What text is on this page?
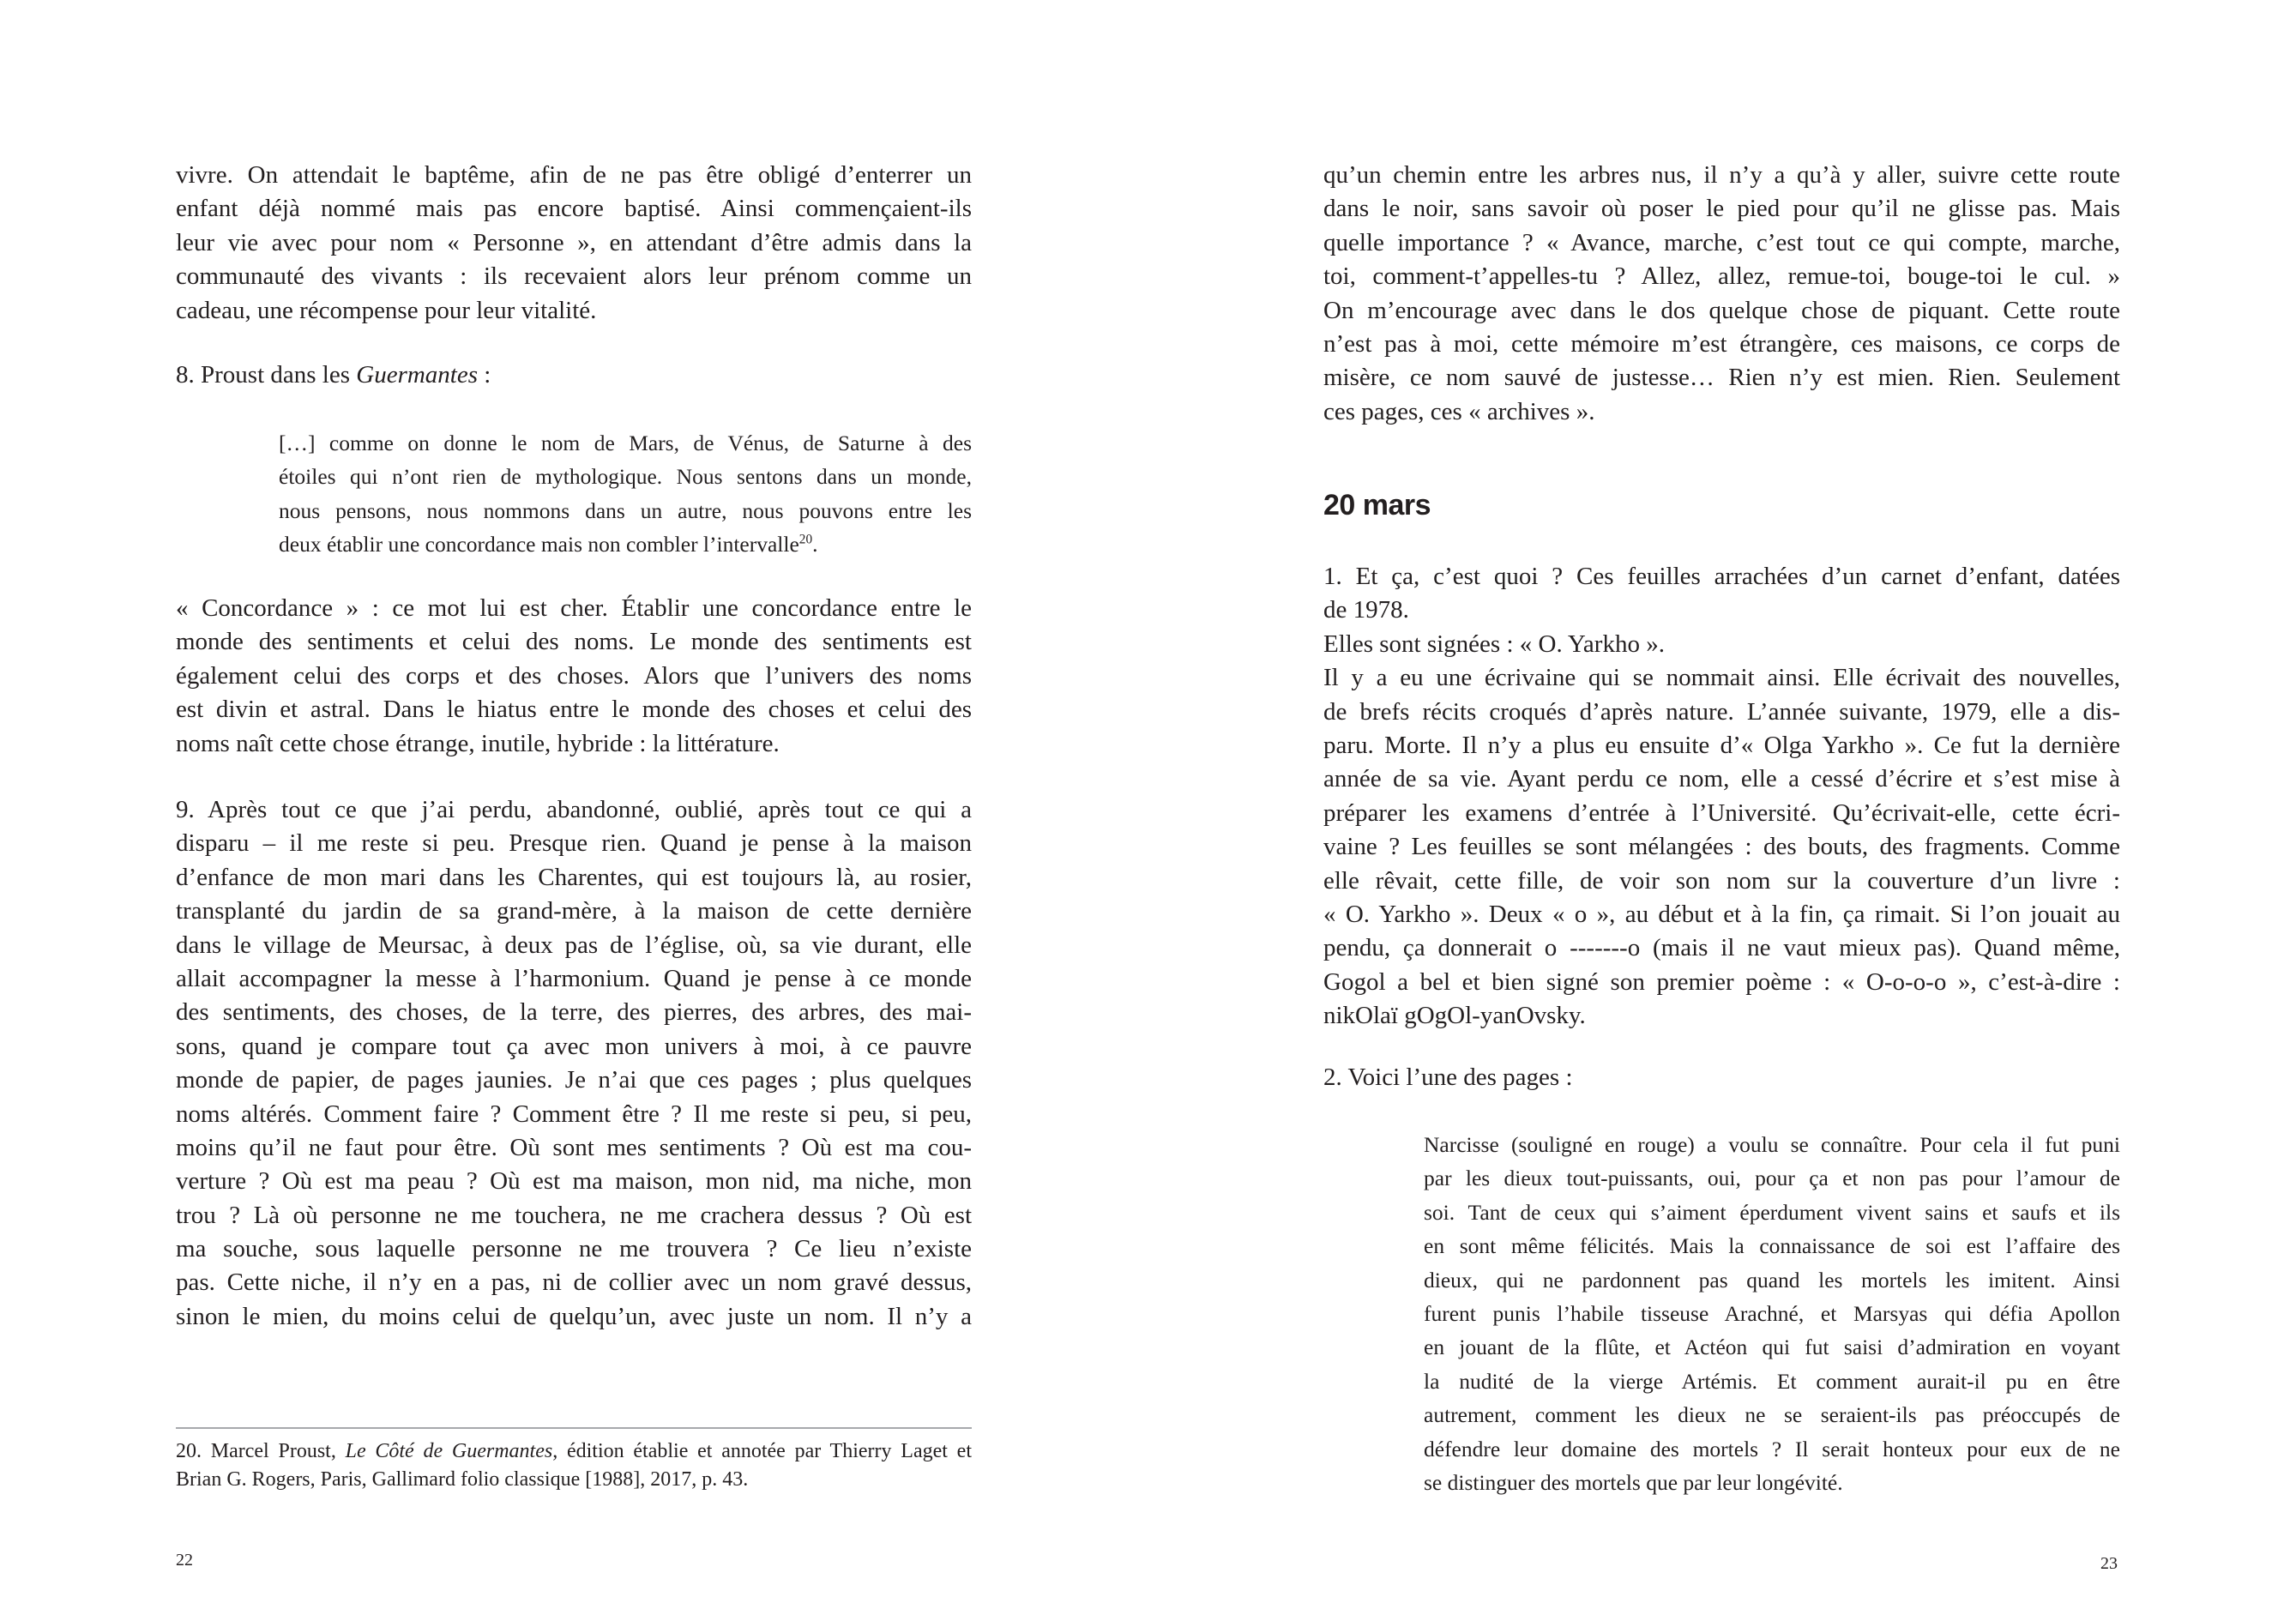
vivre. On attendait le baptême, afin de ne pas être obligé d’enterrer un
enfant déjà nommé mais pas encore baptisé. Ainsi commençaient-ils
leur vie avec pour nom « Personne », en attendant d’être admis dans la
communauté des vivants : ils recevaient alors leur prénom comme un
cadeau, une récompense pour leur vitalité.
8. Proust dans les Guermantes :
[…] comme on donne le nom de Mars, de Vénus, de Saturne à des
étoiles qui n’ont rien de mythologique. Nous sentons dans un monde,
nous pensons, nous nommons dans un autre, nous pouvons entre les
deux établir une concordance mais non combler l’intervalle$^{20}$.
« Concordance » : ce mot lui est cher. Établir une concordance entre le
monde des sentiments et celui des noms. Le monde des sentiments est
également celui des corps et des choses. Alors que l’univers des noms
est divin et astral. Dans le hiatus entre le monde des choses et celui des
noms naît cette chose étrange, inutile, hybride : la littérature.
9. Après tout ce que j’ai perdu, abandonné, oublié, après tout ce qui a
disparu – il me reste si peu. Presque rien. Quand je pense à la maison
d’enfance de mon mari dans les Charentes, qui est toujours là, au rosier,
transplanté du jardin de sa grand-mère, à la maison de cette dernière
dans le village de Meursac, à deux pas de l’église, où, sa vie durant, elle
allait accompagner la messe à l’harmonium. Quand je pense à ce monde
des sentiments, des choses, de la terre, des pierres, des arbres, des mai-
sons, quand je compare tout ça avec mon univers à moi, à ce pauvre
monde de papier, de pages jaunies. Je n’ai que ces pages ; plus quelques
noms altérés. Comment faire ? Comment être ? Il me reste si peu, si peu,
moins qu’il ne faut pour être. Où sont mes sentiments ? Où est ma cou-
verture ? Où est ma peau ? Où est ma maison, mon nid, ma niche, mon
trou ? Là où personne ne me touchera, ne me crachera dessus ? Où est
ma souche, sous laquelle personne ne me trouvera ? Ce lieu n’existe
pas. Cette niche, il n’y en a pas, ni de collier avec un nom gravé dessus,
sinon le mien, du moins celui de quelqu’un, avec juste un nom. Il n’y a
20. Marcel Proust, Le Côté de Guermantes, édition établie et annotée par Thierry Laget et
Brian G. Rogers, Paris, Gallimard folio classique [1988], 2017, p. 43.
22
qu’un chemin entre les arbres nus, il n’y a qu’à y aller, suivre cette route
dans le noir, sans savoir où poser le pied pour qu’il ne glisse pas. Mais
quelle importance ? « Avance, marche, c’est tout ce qui compte, marche,
toi, comment-t’appelles-tu ? Allez, allez, remue-toi, bouge-toi le cul. »
On m’encourage avec dans le dos quelque chose de piquant. Cette route
n’est pas à moi, cette mémoire m’est étrangère, ces maisons, ce corps de
misère, ce nom sauvé de justesse… Rien n’y est mien. Rien. Seulement
ces pages, ces « archives ».
20 mars
1. Et ça, c’est quoi ? Ces feuilles arrachées d’un carnet d’enfant, datées
de 1978.
Elles sont signées : « O. Yarkho ».
Il y a eu une écrivaine qui se nommait ainsi. Elle écrivait des nouvelles,
de brefs récits croqués d’après nature. L’année suivante, 1979, elle a dis-
paru. Morte. Il n’y a plus eu ensuite d’« Olga Yarkho ». Ce fut la dernière
année de sa vie. Ayant perdu ce nom, elle a cessé d’écrire et s’est mise à
préparer les examens d’entrée à l’Université. Qu’écrivait-elle, cette écri-
vaine ? Les feuilles se sont mélangées : des bouts, des fragments. Comme
elle rêvait, cette fille, de voir son nom sur la couverture d’un livre :
« O. Yarkho ». Deux « o », au début et à la fin, ça rimait. Si l’on jouait au
pendu, ça donnerait o -------o (mais il ne vaut mieux pas). Quand même,
Gogol a bel et bien signé son premier poème : « O-o-o-o », c’est-à-dire :
nikOlaï gOgOl-yanOvsky.
2. Voici l’une des pages :
Narcisse (souligné en rouge) a voulu se connaître. Pour cela il fut puni
par les dieux tout-puissants, oui, pour ça et non pas pour l’amour de
soi. Tant de ceux qui s’aiment éperdument vivent sains et saufs et ils
en sont même félicités. Mais la connaissance de soi est l’affaire des
dieux, qui ne pardonnent pas quand les mortels les imitent. Ainsi
furent punis l’habile tisseuse Arachné, et Marsyas qui défia Apollon
en jouant de la flûte, et Actéon qui fut saisi d’admiration en voyant
la nudité de la vierge Artémis. Et comment aurait-il pu en être
autrement, comment les dieux ne se seraient-ils pas préoccupés de
défendre leur domaine des mortels ? Il serait honteux pour eux de ne
se distinguer des mortels que par leur longévité.
23
